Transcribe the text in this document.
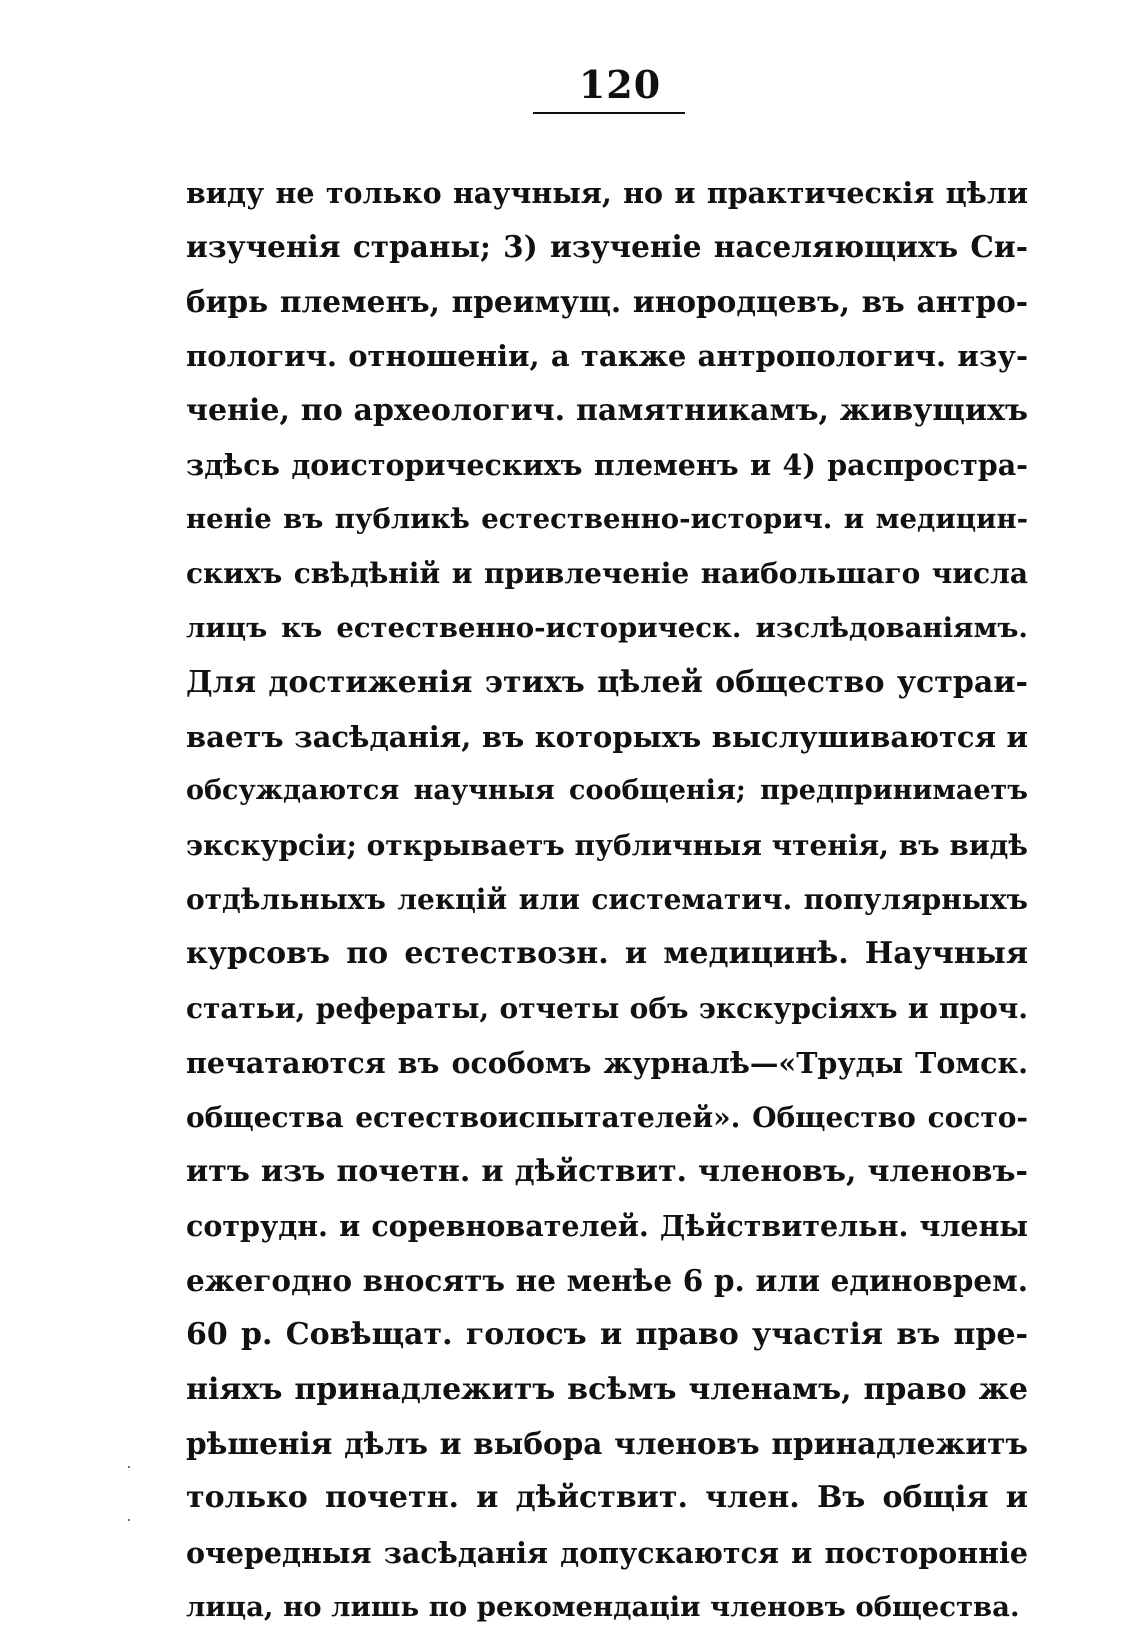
120
виду не только научныя, но и практическія цѣли
изученія страны; 3) изученіе населяющихъ Си-
бирь племенъ, преимущ. инородцевъ, въ антро-
пологич. отношеніи, а также антропологич. изу-
ченіе, по археологич. памятникамъ, живущихъ
здѣсь доисторическихъ племенъ и 4) распростра-
неніе въ публикѣ естественно-историч. и медицин-
скихъ свѣдѣній и привлеченіе наибольшаго числа
лицъ къ естественно-историческ. изслѣдованіямъ.
Для достиженія этихъ цѣлей общество устраи-
ваетъ засѣданія, въ которыхъ выслушиваются и
обсуждаются научныя сообщенія; предпринимаетъ
экскурсіи; открываетъ публичныя чтенія, въ видѣ
отдѣльныхъ лекцій или систематич. популярныхъ
курсовъ по естествозн. и медицинѣ. Научныя
статьи, рефераты, отчеты объ экскурсіяхъ и проч.
печатаются въ особомъ журналѣ—«Труды Томск.
общества естествоиспытателей». Общество состо-
итъ изъ почетн. и дѣйствит. членовъ, членовъ-
сотрудн. и соревнователей. Дѣйствительн. члены
ежегодно вносятъ не менѣе 6 р. или единоврем.
60 р. Совѣщат. голосъ и право участія въ пре-
ніяхъ принадлежитъ всѣмъ членамъ, право же
рѣшенія дѣлъ и выбора членовъ принадлежитъ
только почетн. и дѣйствит. член. Въ общія и
очередныя засѣданія допускаются и посторонніе
лица, но лишь по рекомендаціи членовъ общества.
